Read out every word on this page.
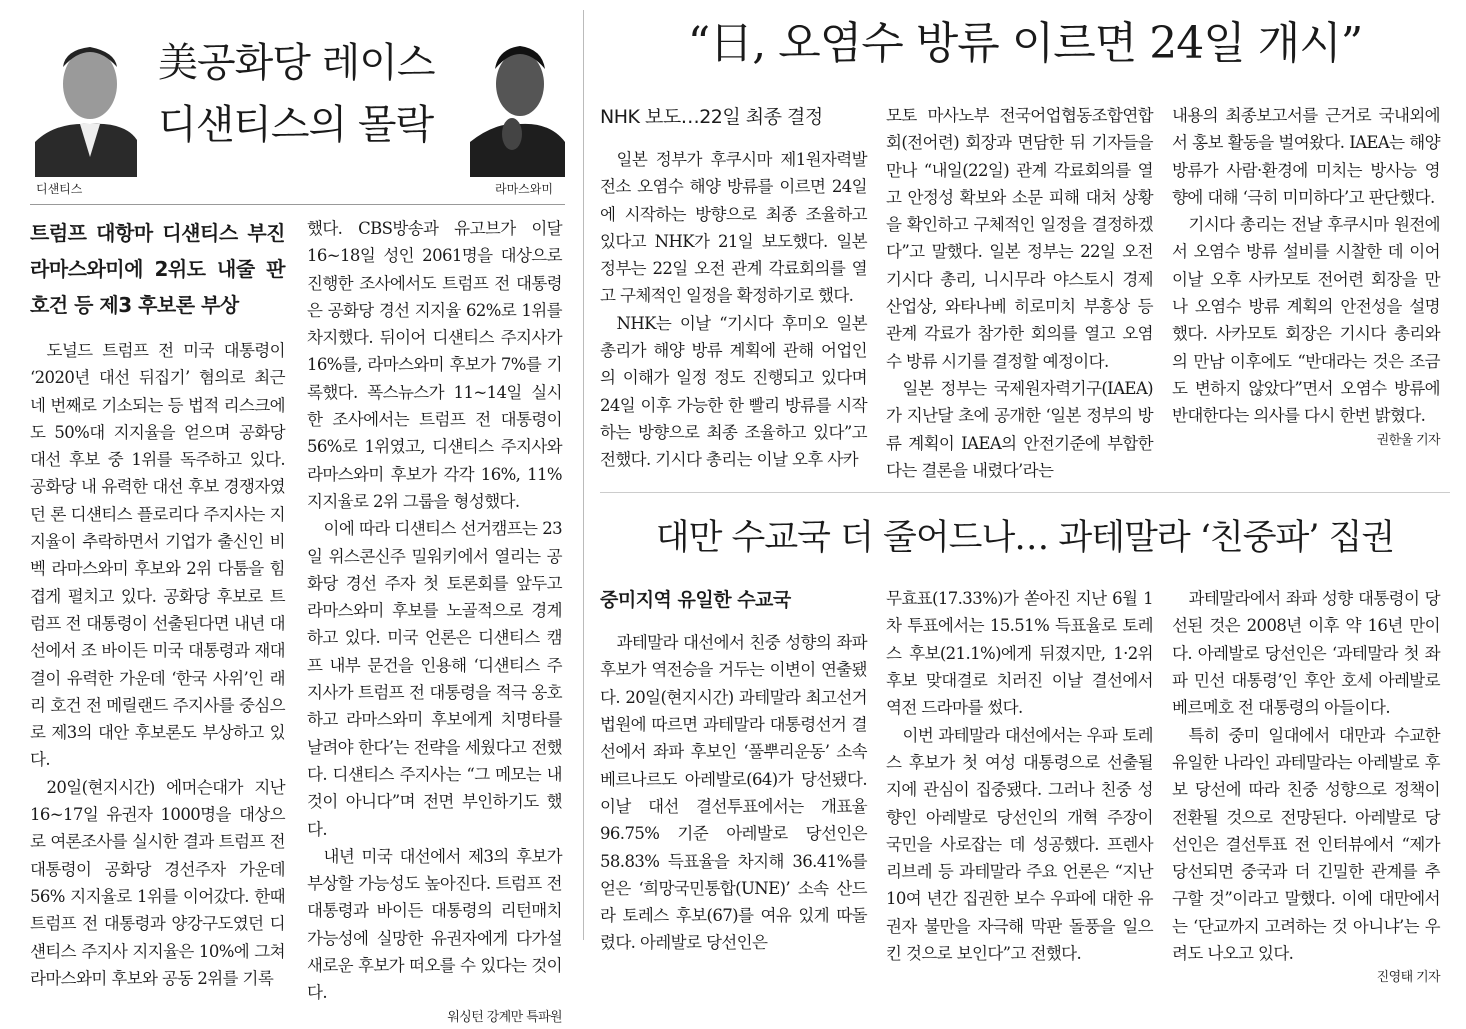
美공화당 레이스
디섄티스의 몰락
디섄티스	라마스와미
트럼프 대항마 디섄티스 부진 라마스와미에 2위도 내줄 판 호건 등 제3 후보론 부상

도널드 트럼프 전 미국 대통령이 ‘2020년 대선 뒤집기’ 혐의로 최근 네 번째로 기소되는 등 법적 리스크에도 50%대 지지율을 얻으며 공화당 대선 후보 중 1위를 독주하고 있다. 공화당 내 유력한 대선 후보 경쟁자였던 론 디섄티스 플로리다 주지사는 지지율이 추락하면서 기업가 출신인 비벡 라마스와미 후보와 2위 다툼을 힘겹게 펼치고 있다. 공화당 후보로 트럼프 전 대통령이 선출된다면 내년 대선에서 조 바이든 미국 대통령과 재대결이 유력한 가운데 ‘한국 사위’인 래리 호건 전 메릴랜드 주지사를 중심으로 제3의 대안 후보론도 부상하고 있다.

20일(현지시간) 에머슨대가 지난 16~17일 유권자 1000명을 대상으로 여론조사를 실시한 결과 트럼프 전 대통령이 공화당 경선주자 가운데 56% 지지율로 1위를 이어갔다. 한때 트럼프 전 대통령과 양강구도였던 디섄티스 주지사 지지율은 10%에 그쳐 라마스와미 후보와 공동 2위를 기록

했다. CBS방송과 유고브가 이달 16~18일 성인 2061명을 대상으로 진행한 조사에서도 트럼프 전 대통령은 공화당 경선 지지율 62%로 1위를 차지했다. 뒤이어 디섄티스 주지사가 16%를, 라마스와미 후보가 7%를 기록했다. 폭스뉴스가 11~14일 실시한 조사에서는 트럼프 전 대통령이 56%로 1위였고, 디섄티스 주지사와 라마스와미 후보가 각각 16%, 11% 지지율로 2위 그룹을 형성했다.

이에 따라 디섄티스 선거캠프는 23일 위스콘신주 밀워키에서 열리는 공화당 경선 주자 첫 토론회를 앞두고 라마스와미 후보를 노골적으로 경계하고 있다. 미국 언론은 디섄티스 캠프 내부 문건을 인용해 ‘디섄티스 주지사가 트럼프 전 대통령을 적극 옹호하고 라마스와미 후보에게 치명타를 날려야 한다’는 전략을 세웠다고 전했다. 디섄티스 주지사는 “그 메모는 내 것이 아니다”며 전면 부인하기도 했다.

내년 미국 대선에서 제3의 후보가 부상할 가능성도 높아진다. 트럼프 전 대통령과 바이든 대통령의 리턴매치 가능성에 실망한 유권자에게 다가설 새로운 후보가 떠오를 수 있다는 것이다.

워싱턴 강계만 특파원
“日, 오염수 방류 이르면 24일 개시”
NHK 보도…22일 최종 결정

일본 정부가 후쿠시마 제1원자력발전소 오염수 해양 방류를 이르면 24일에 시작하는 방향으로 최종 조율하고 있다고 NHK가 21일 보도했다. 일본 정부는 22일 오전 관계 각료회의를 열고 구체적인 일정을 확정하기로 했다.

NHK는 이날 “기시다 후미오 일본 총리가 해양 방류 계획에 관해 어업인의 이해가 일정 정도 진행되고 있다며 24일 이후 가능한 한 빨리 방류를 시작하는 방향으로 최종 조율하고 있다”고 전했다. 기시다 총리는 이날 오후 사카

모토 마사노부 전국어업협동조합연합회(전어련) 회장과 면담한 뒤 기자들을 만나 “내일(22일) 관계 각료회의를 열고 안정성 확보와 소문 피해 대처 상황을 확인하고 구체적인 일정을 결정하겠다”고 말했다. 일본 정부는 22일 오전 기시다 총리, 니시무라 야스토시 경제산업상, 와타나베 히로미치 부흥상 등 관계 각료가 참가한 회의를 열고 오염수 방류 시기를 결정할 예정이다.

일본 정부는 국제원자력기구(IAEA)가 지난달 초에 공개한 ‘일본 정부의 방류 계획이 IAEA의 안전기준에 부합한다는 결론을 내렸다’라는

내용의 최종보고서를 근거로 국내외에서 홍보 활동을 벌여왔다. IAEA는 해양 방류가 사람·환경에 미치는 방사능 영향에 대해 ‘극히 미미하다’고 판단했다.

기시다 총리는 전날 후쿠시마 원전에서 오염수 방류 설비를 시찰한 데 이어 이날 오후 사카모토 전어련 회장을 만나 오염수 방류 계획의 안전성을 설명했다. 사카모토 회장은 기시다 총리와의 만남 이후에도 “반대라는 것은 조금도 변하지 않았다”면서 오염수 방류에 반대한다는 의사를 다시 한번 밝혔다.

권한울 기자
대만 수교국 더 줄어드나… 과테말라 ‘친중파’ 집권
중미지역 유일한 수교국

과테말라 대선에서 친중 성향의 좌파 후보가 역전승을 거두는 이변이 연출됐다. 20일(현지시간) 과테말라 최고선거법원에 따르면 과테말라 대통령선거 결선에서 좌파 후보인 ‘풀뿌리운동’ 소속 베르나르도 아레발로(64)가 당선됐다. 이날 대선 결선투표에서는 개표율 96.75% 기준 아레발로 당선인은 58.83% 득표율을 차지해 36.41%를 얻은 ‘희망국민통합(UNE)’ 소속 산드라 토레스 후보(67)를 여유 있게 따돌렸다. 아레발로 당선인은

무효표(17.33%)가 쏟아진 지난 6월 1차 투표에서는 15.51% 득표율로 토레스 후보(21.1%)에게 뒤졌지만, 1·2위 후보 맞대결로 치러진 이날 결선에서 역전 드라마를 썼다.

이번 과테말라 대선에서는 우파 토레스 후보가 첫 여성 대통령으로 선출될지에 관심이 집중됐다. 그러나 친중 성향인 아레발로 당선인의 개혁 주장이 국민을 사로잡는 데 성공했다. 프렌사리브레 등 과테말라 주요 언론은 “지난 10여 년간 집권한 보수 우파에 대한 유권자 불만을 자극해 막판 돌풍을 일으킨 것으로 보인다”고 전했다.

과테말라에서 좌파 성향 대통령이 당선된 것은 2008년 이후 약 16년 만이다. 아레발로 당선인은 ‘과테말라 첫 좌파 민선 대통령’인 후안 호세 아레발로 베르메호 전 대통령의 아들이다.

특히 중미 일대에서 대만과 수교한 유일한 나라인 과테말라는 아레발로 후보 당선에 따라 친중 성향으로 정책이 전환될 것으로 전망된다. 아레발로 당선인은 결선투표 전 인터뷰에서 “제가 당선되면 중국과 더 긴밀한 관계를 추구할 것”이라고 말했다. 이에 대만에서는 ‘단교까지 고려하는 것 아니냐’는 우려도 나오고 있다.

진영태 기자
